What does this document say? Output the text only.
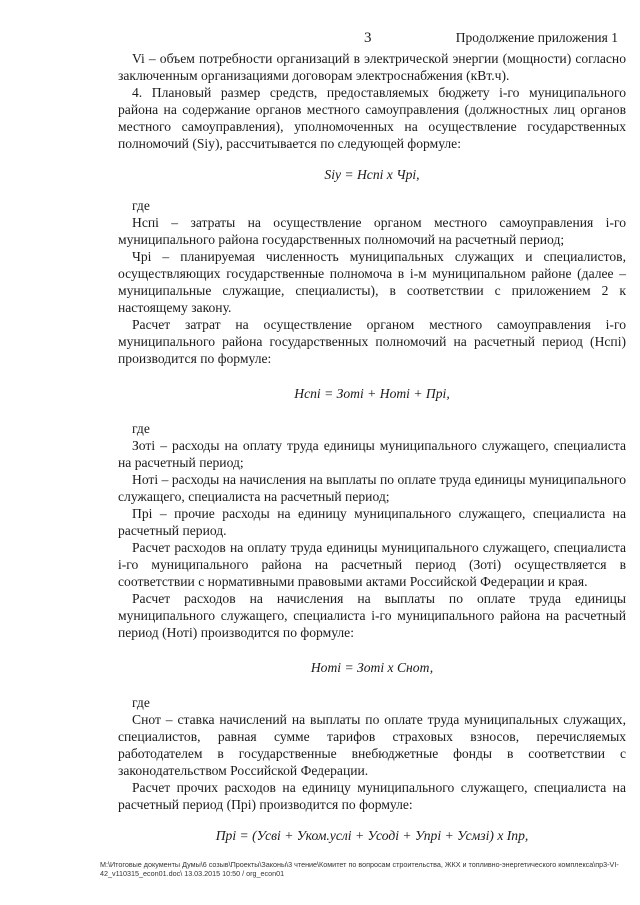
3	Продолжение приложения 1

Vi – объем потребности организаций в электрической энергии (мощности) согласно заключенным организациями договорам электроснабжения (кВт.ч).

4. Плановый размер средств, предоставляемых бюджету i-го муниципального района на содержание органов местного самоуправления (должностных лиц органов местного самоуправления), уполномоченных на осуществление государственных полномочий (Siy), рассчитывается по следующей формуле:

Siy = Нспi х Чрi,

где

Нспi – затраты на осуществление органом местного самоуправления i-го муниципального района государственных полномочий на расчетный период;

Чрi – планируемая численность муниципальных служащих и специалистов, осуществляющих государственные полномоча в i-м муниципальном районе (далее – муниципальные служащие, специалисты), в соответствии с приложением 2 к настоящему закону.

Расчет затрат на осуществление органом местного самоуправления i-го муниципального района государственных полномочий на расчетный период (Нспi) производится по формуле:

Нспi = Зотi + Нотi + Прi,

где

Зотi – расходы на оплату труда единицы муниципального служащего, специалиста на расчетный период;

Нотi – расходы на начисления на выплаты по оплате труда единицы муниципального служащего, специалиста на расчетный период;

Прi – прочие расходы на единицу муниципального служащего, специалиста на расчетный период.

Расчет расходов на оплату труда единицы муниципального служащего, специалиста i-го муниципального района на расчетный период (Зотi) осуществляется в соответствии с нормативными правовыми актами Российской Федерации и края.

Расчет расходов на начисления на выплаты по оплате труда единицы муниципального служащего, специалиста i-го муниципального района на расчетный период (Нотi) производится по формуле:

Нотi = Зотi х Снот,

где

Снот – ставка начислений на выплаты по оплате труда муниципальных служащих, специалистов, равная сумме тарифов страховых взносов, перечисляемых работодателем в государственные внебюджетные фонды в соответствии с законодательством Российской Федерации.

Расчет прочих расходов на единицу муниципального служащего, специалиста на расчетный период (Прi) производится по формуле:

Прi = (Усвi + Уком.услi + Усодi + Упрi + Усмзi) х Iпр,

М:\Итоговые документы Думы\6 созыв\Проекты\Законы\3 чтение\Комитет по вопросам строительства, ЖКХ и топливно-энергетического комплекса\пр3-VI-42_v110315_econ01.doc\ 13.03.2015 10:50 / org_econ01
